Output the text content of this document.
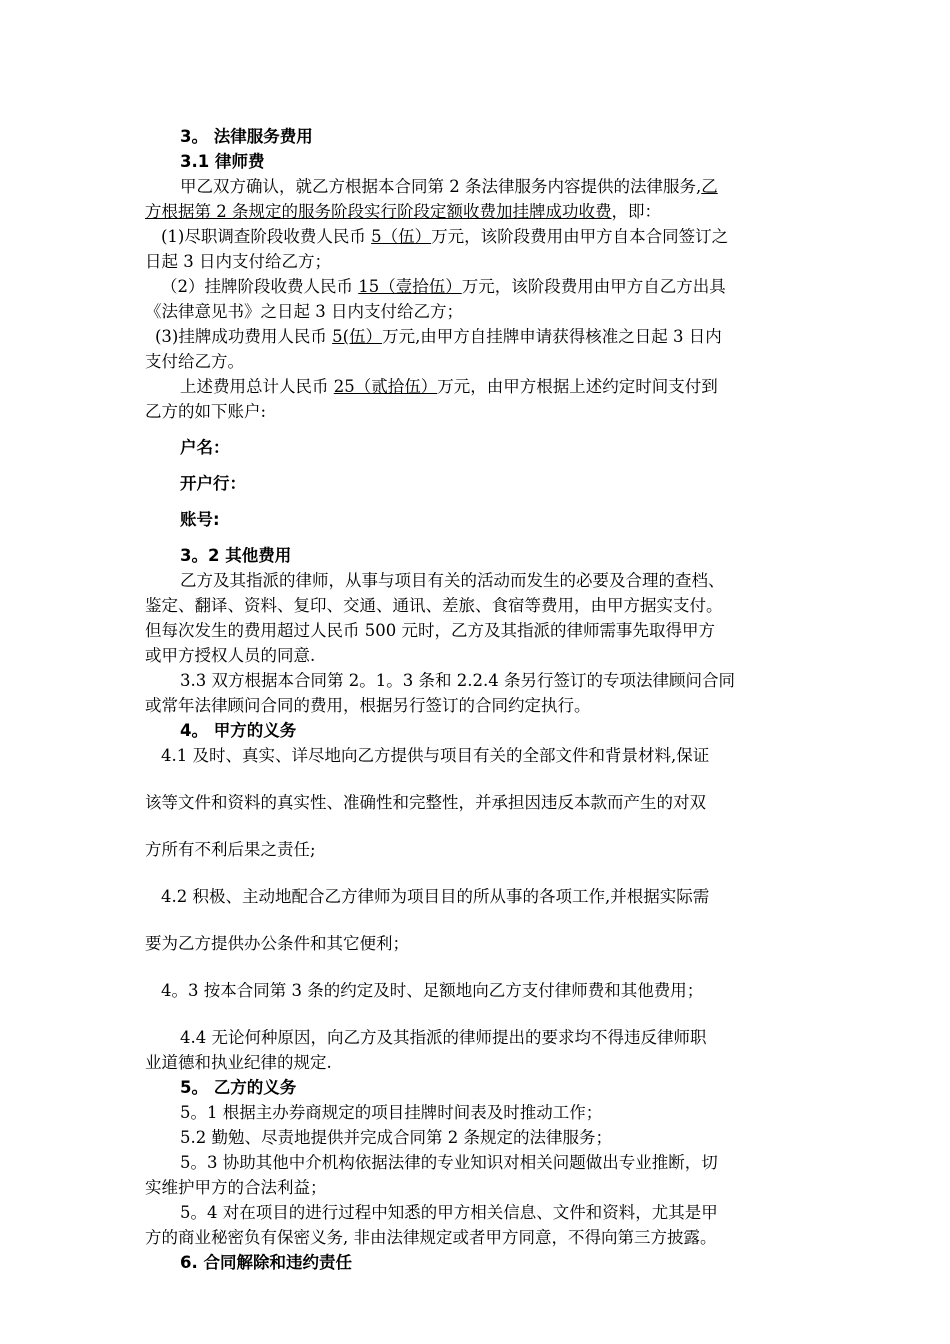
3。 法律服务费用
3.1 律师费
甲乙双方确认，就乙方根据本合同第 2 条法律服务内容提供的法律服务,乙
方根据第 2 条规定的服务阶段实行阶段定额收费加挂牌成功收费，即：
(1)尽职调查阶段收费人民币 5（伍）万元，该阶段费用由甲方自本合同签订之
日起 3 日内支付给乙方；
（2）挂牌阶段收费人民币 15（壹拾伍）万元，该阶段费用由甲方自乙方出具
《法律意见书》之日起 3 日内支付给乙方；
(3)挂牌成功费用人民币 5(伍）万元,由甲方自挂牌申请获得核准之日起 3 日内
支付给乙方。
上述费用总计人民币 25（贰拾伍）万元，由甲方根据上述约定时间支付到
乙方的如下账户:
户名：
开户行：
账号:
3。2 其他费用
乙方及其指派的律师，从事与项目有关的活动而发生的必要及合理的查档、
鉴定、翻译、资料、复印、交通、通讯、差旅、食宿等费用，由甲方据实支付。
但每次发生的费用超过人民币 500 元时，乙方及其指派的律师需事先取得甲方
或甲方授权人员的同意.
3.3 双方根据本合同第 2。1。3 条和 2.2.4 条另行签订的专项法律顾问合同
或常年法律顾问合同的费用，根据另行签订的合同约定执行。
4。 甲方的义务
4.1 及时、真实、详尽地向乙方提供与项目有关的全部文件和背景材料,保证
该等文件和资料的真实性、准确性和完整性，并承担因违反本款而产生的对双
方所有不利后果之责任;
4.2 积极、主动地配合乙方律师为项目目的所从事的各项工作,并根据实际需
要为乙方提供办公条件和其它便利；
4。3 按本合同第 3 条的约定及时、足额地向乙方支付律师费和其他费用；
4.4 无论何种原因，向乙方及其指派的律师提出的要求均不得违反律师职
业道德和执业纪律的规定.
5。 乙方的义务
5。1 根据主办券商规定的项目挂牌时间表及时推动工作；
5.2 勤勉、尽责地提供并完成合同第 2 条规定的法律服务；
5。3 协助其他中介机构依据法律的专业知识对相关问题做出专业推断，切
实维护甲方的合法利益；
5。4 对在项目的进行过程中知悉的甲方相关信息、文件和资料，尤其是甲
方的商业秘密负有保密义务, 非由法律规定或者甲方同意，不得向第三方披露。
6. 合同解除和违约责任
